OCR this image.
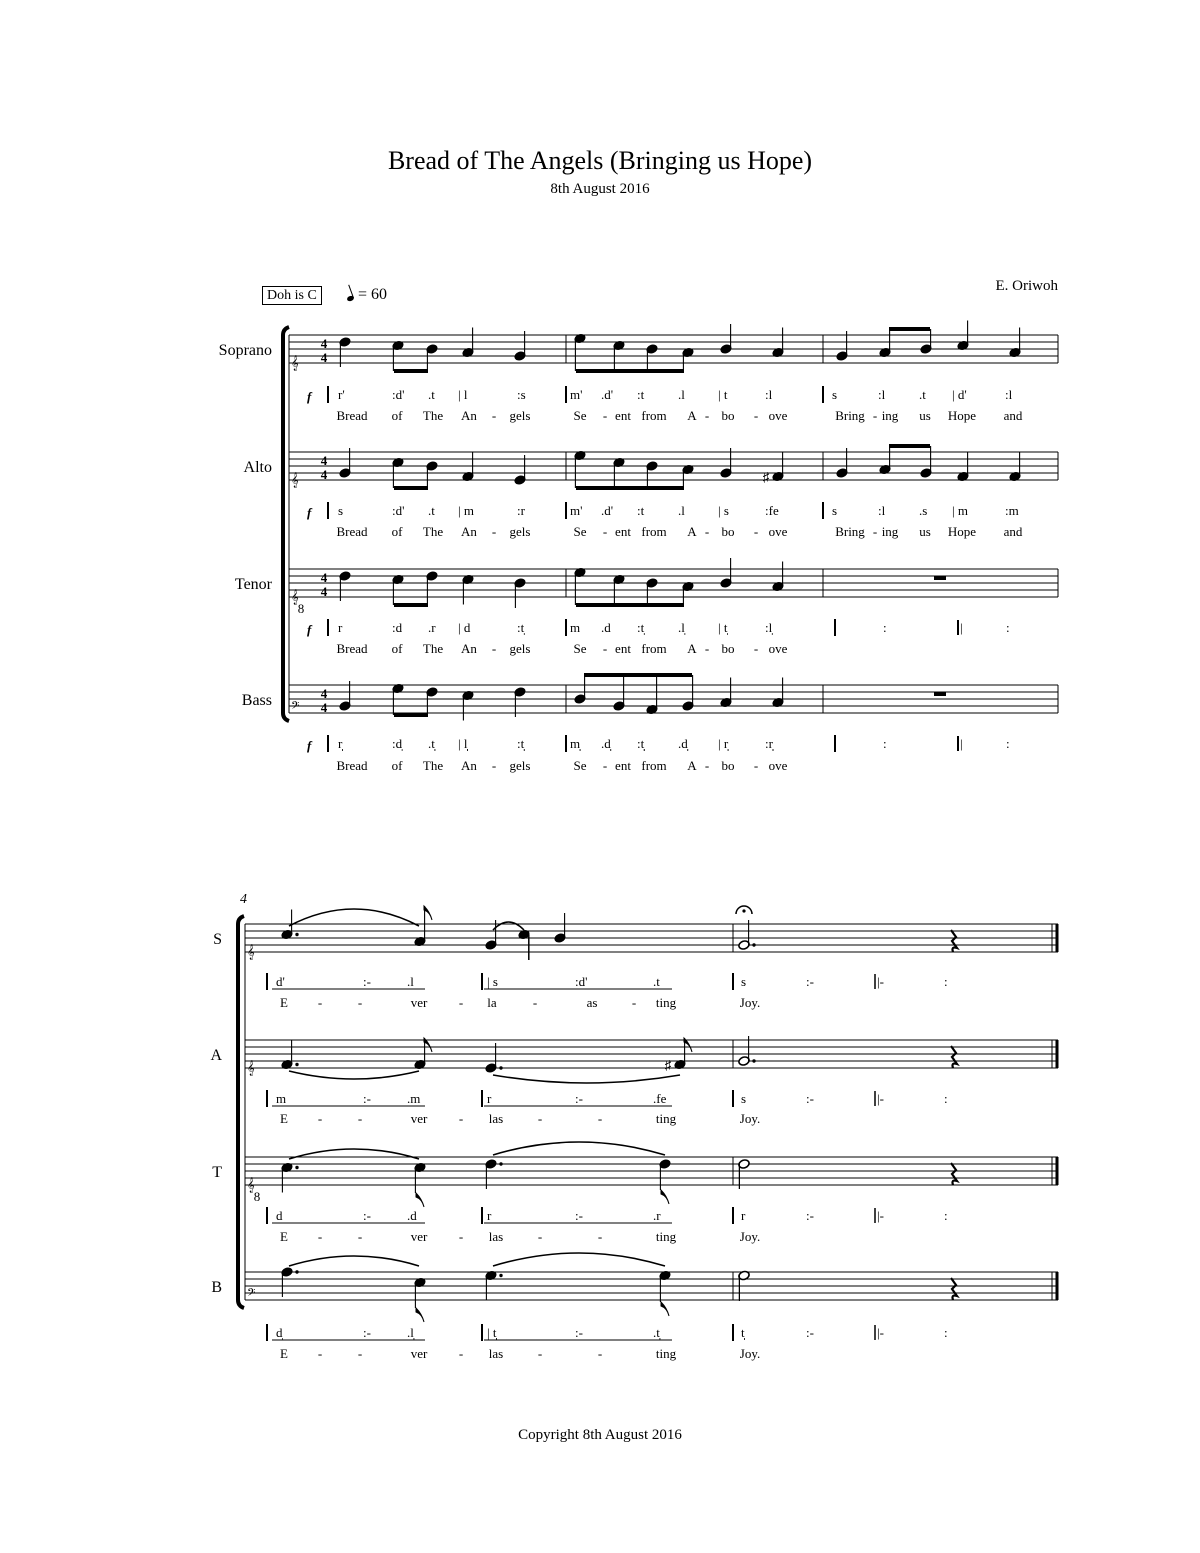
Bread of The Angels (Bringing us Hope)
8th August 2016
E. Oriwoh
Doh is C	= 60
4
Copyright 8th August 2016
𝄞
4
4
Soprano
f r'	:d' .t | l	:s	m' .d' :t	.l	| t	:l	s	:l	.t | d'	:l
Bread of The An - gels	Se - ent from A - bo - ove	Bring - ing us Hope and
𝄞
4
4
Alto
f s	:d' .t | m	:r	m' .d' :t	.l	| s	:fe	s	:l	.s | m	:m
Bread of The An - gels	Se - ent from A - bo - ove	Bring - ing us Hope and
𝄞
8
4
4
Tenor
f r	:d .r | d	:t̩	m .d :t̩	.l̩	| t̩	:l̩	:	|	:
Bread of The An - gels	Se - ent from A - bo - ove
𝄢
4
4
Bass
f r̩̩	:d̩ .t̩̩ | l̩̩	:t̩̩	m̩̩ .d̩̩ :t̩̩̩	.d̩̩ | r̩̩	:r̩̩	:	|	:
Bread of The An - gels	Se - ent from A - bo - ove
♯
𝄞
S
d'	:-	.l	| s	:d'	.t	s	:-	|-	:
E -	-	ver - la	-	as	- ting	Joy.
𝄞
A
m	:-	.m	r	:-	.fe	s	:-	|-	:
E -	-	ver - las	-	-	ting	Joy.
𝄞
8
T
d	:-	.d	r	:-	.r	r	:-	|-	:
E -	-	ver - las	-	-	ting	Joy.
𝄢
B
d̩	:-	.l̩̩	| t̩̩	:-	.t̩̩	t̩̩	:-	|-	:
E -	-	ver - las	-	-	ting	Joy.
♯
